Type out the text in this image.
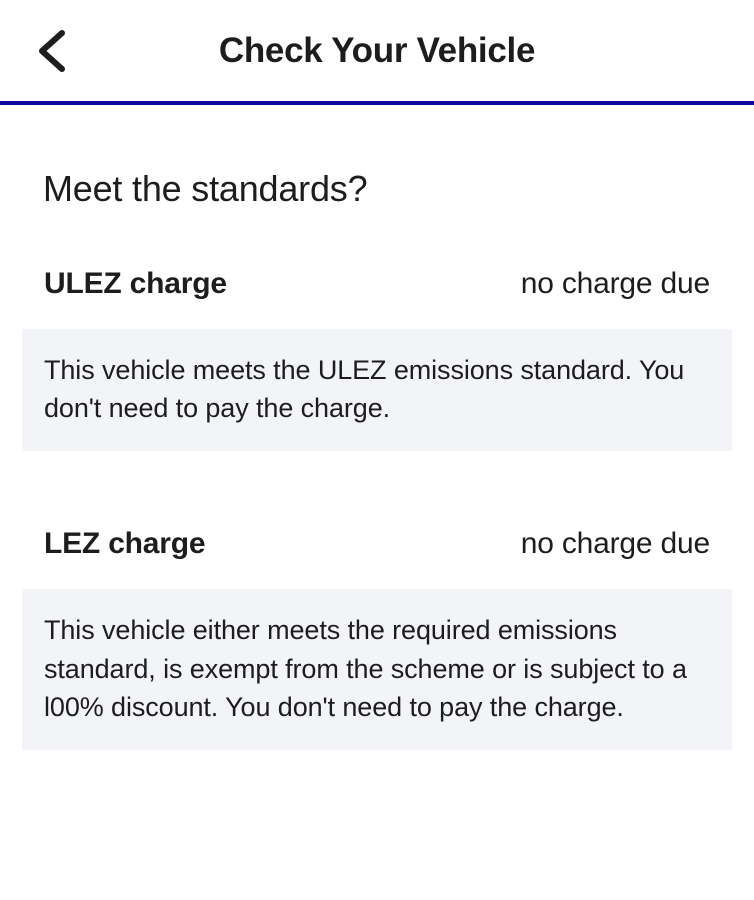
Check Your Vehicle
Meet the standards?
ULEZ charge	no charge due

This vehicle meets the ULEZ emissions standard. You don't need to pay the charge.

LEZ charge	no charge due

This vehicle either meets the required emissions standard, is exempt from the scheme or is subject to a l00% discount. You don't need to pay the charge.
